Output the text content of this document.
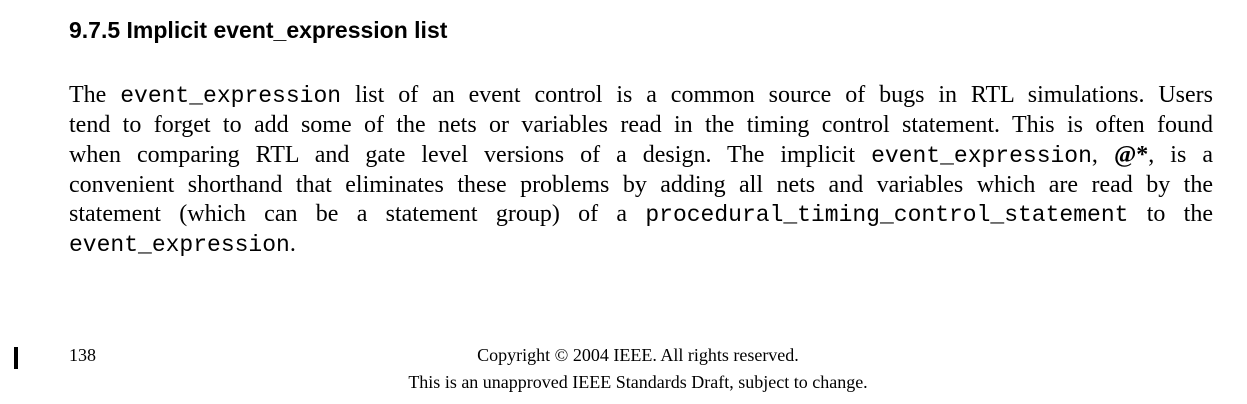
9.7.5 Implicit event_expression list

The event_expression list of an event control is a common source of bugs in RTL simulations. Users
tend to forget to add some of the nets or variables read in the timing control statement. This is often found
when comparing RTL and gate level versions of a design. The implicit event_expression, @*, is a
convenient shorthand that eliminates these problems by adding all nets and variables which are read by the
statement (which can be a statement group) of a procedural_timing_control_statement to the
event_expression.

138	Copyright © 2004 IEEE. All rights reserved.

This is an unapproved IEEE Standards Draft, subject to change.
